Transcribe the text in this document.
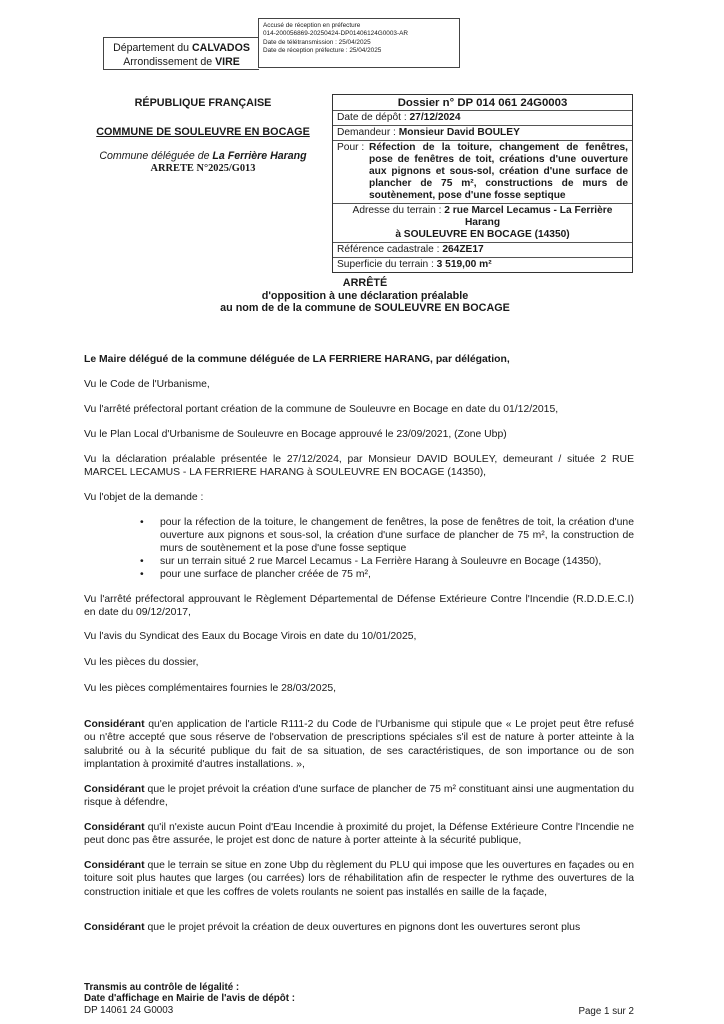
Accusé de réception en préfecture
014-200056869-20250424-DP01406124G0003-AR
Date de télétransmission : 25/04/2025
Date de réception préfecture : 25/04/2025
Département du CALVADOS
Arrondissement de VIRE
RÉPUBLIQUE FRANÇAISE
COMMUNE DE SOULEUVRE EN BOCAGE
Commune déléguée de La Ferrière Harang
ARRETE N°2025/G013
Dossier n° DP 014 061 24G0003
Date de dépôt : 27/12/2024
Demandeur : Monsieur David BOULEY
Pour : Réfection de la toiture, changement de fenêtres, pose de fenêtres de toit, créations d'une ouverture aux pignons et sous-sol, création d'une surface de plancher de 75 m², constructions de murs de soutènement, pose d'une fosse septique
Adresse du terrain : 2 rue Marcel Lecamus - La Ferrière Harang
à SOULEUVRE EN BOCAGE (14350)
Référence cadastrale : 264ZE17
Superficie du terrain : 3 519,00 m²
ARRÊTÉ
d'opposition à une déclaration préalable
au nom de de la commune de SOULEUVRE EN BOCAGE
Le Maire délégué de la commune déléguée de LA FERRIERE HARANG, par délégation,
Vu le Code de l'Urbanisme,
Vu l'arrêté préfectoral portant création de la commune de Souleuvre en Bocage en date du 01/12/2015,
Vu le Plan Local d'Urbanisme de Souleuvre en Bocage approuvé le 23/09/2021, (Zone Ubp)
Vu la déclaration préalable présentée le 27/12/2024, par Monsieur DAVID BOULEY, demeurant / située 2 RUE MARCEL LECAMUS - LA FERRIERE HARANG à SOULEUVRE EN BOCAGE (14350),
Vu l'objet de la demande :
• pour la réfection de la toiture, le changement de fenêtres, la pose de fenêtres de toit, la création d'une ouverture aux pignons et sous-sol, la création d'une surface de plancher de 75 m², la construction de murs de soutènement et la pose d'une fosse septique
• sur un terrain situé 2 rue Marcel Lecamus - La Ferrière Harang à Souleuvre en Bocage (14350),
• pour une surface de plancher créée de 75 m²,
Vu l'arrêté préfectoral approuvant le Règlement Départemental de Défense Extérieure Contre l'Incendie (R.D.D.E.C.I) en date du 09/12/2017,
Vu l'avis du Syndicat des Eaux du Bocage Virois en date du 10/01/2025,
Vu les pièces du dossier,
Vu les pièces complémentaires fournies le 28/03/2025,
Considérant qu'en application de l'article R111-2 du Code de l'Urbanisme qui stipule que « Le projet peut être refusé ou n'être accepté que sous réserve de l'observation de prescriptions spéciales s'il est de nature à porter atteinte à la salubrité ou à la sécurité publique du fait de sa situation, de ses caractéristiques, de son importance ou de son implantation à proximité d'autres installations. »,
Considérant que le projet prévoit la création d'une surface de plancher de 75 m² constituant ainsi une augmentation du risque à défendre,
Considérant qu'il n'existe aucun Point d'Eau Incendie à proximité du projet, la Défense Extérieure Contre l'Incendie ne peut donc pas être assurée, le projet est donc de nature à porter atteinte à la sécurité publique,
Considérant que le terrain se situe en zone Ubp du règlement du PLU qui impose que les ouvertures en façades ou en toiture soit plus hautes que larges (ou carrées) lors de réhabilitation afin de respecter le rythme des ouvertures de la construction initiale et que les coffres de volets roulants ne soient pas installés en saille de la façade,
Considérant que le projet prévoit la création de deux ouvertures en pignons dont les ouvertures seront plus
Transmis au contrôle de légalité :
Date d'affichage en Mairie de l'avis de dépôt :
DP 14061 24 G0003	Page 1 sur 2
